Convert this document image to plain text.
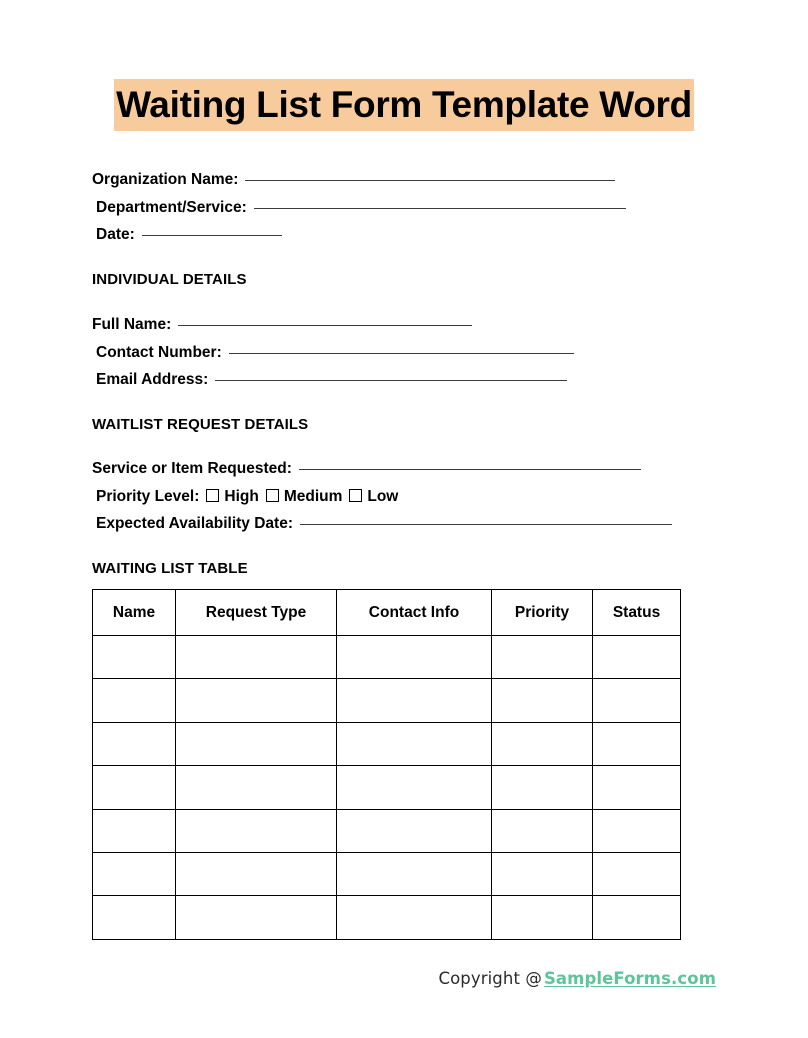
Waiting List Form Template Word
Organization Name:
Department/Service:
Date:
INDIVIDUAL DETAILS
Full Name:
Contact Number:
Email Address:
WAITLIST REQUEST DETAILS
Service or Item Requested:
Priority Level: High Medium Low
Expected Availability Date:
WAITING LIST TABLE
Name	Request Type	Contact Info	Priority	Status

Copyright @ SampleForms.com
